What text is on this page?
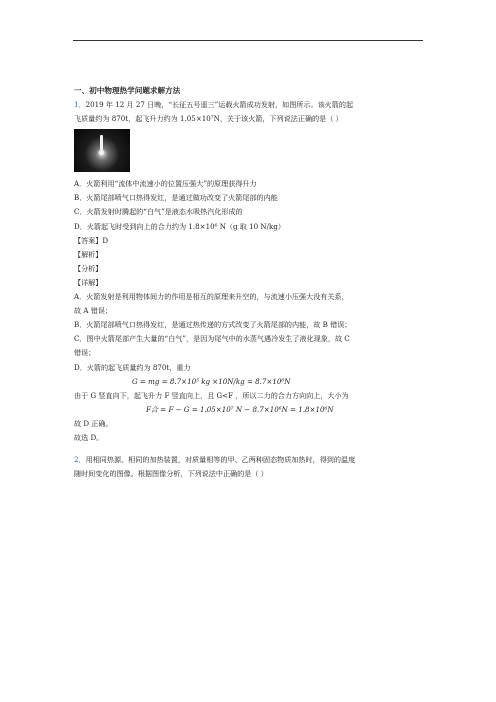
一、初中物理热学问题求解方法
1．2019 年 12 月 27 日晚，“长征五号遥三”运载火箭成功发射，如图所示。该火箭的起
飞质量约为 870t，起飞升力约为 1.05×10⁷N，关于该火箭，下列说法正确的是（ ）
A．火箭利用“流体中流速小的位置压强大”的原理获得升力
B．火箭尾部喷气口热得发红，是通过做功改变了火箭尾部的内能
C．火箭发射时腾起的“白气”是液态水吸热汽化形成的
D．火箭起飞时受到向上的合力约为 1.8×10⁶ N（g 取 10 N/kg）
【答案】D
【解析】
【分析】
【详解】
A．火箭发射是利用物体间力的作用是相互的原理来升空的，与流速小压强大没有关系，
故 A 错误；
B．火箭尾部喷气口热得发红，是通过热传递的方式改变了火箭尾部的内能，故 B 错误；
C．图中火箭尾部产生大量的“白气”，是因为尾气中的水蒸气遇冷发生了液化现象，故 C
错误；
D．火箭的起飞质量约为 870t，重力
G = mg = 8.7×10⁵ kg ×10N/kg = 8.7×10⁶N
由于 G 竖直向下，起飞升力 F 竖直向上，且 G<F ，所以二力的合力方向向上，大小为
F合 = F − G = 1.05×10⁷ N − 8.7×10⁶N = 1.8×10⁶N
故 D 正确。
故选 D。
2．用相同热源、相同的加热装置，对质量相等的甲、乙两种固态物质加热时，得到的温度
随时间变化的图像。根据图像分析，下列说法中正确的是（ ）
